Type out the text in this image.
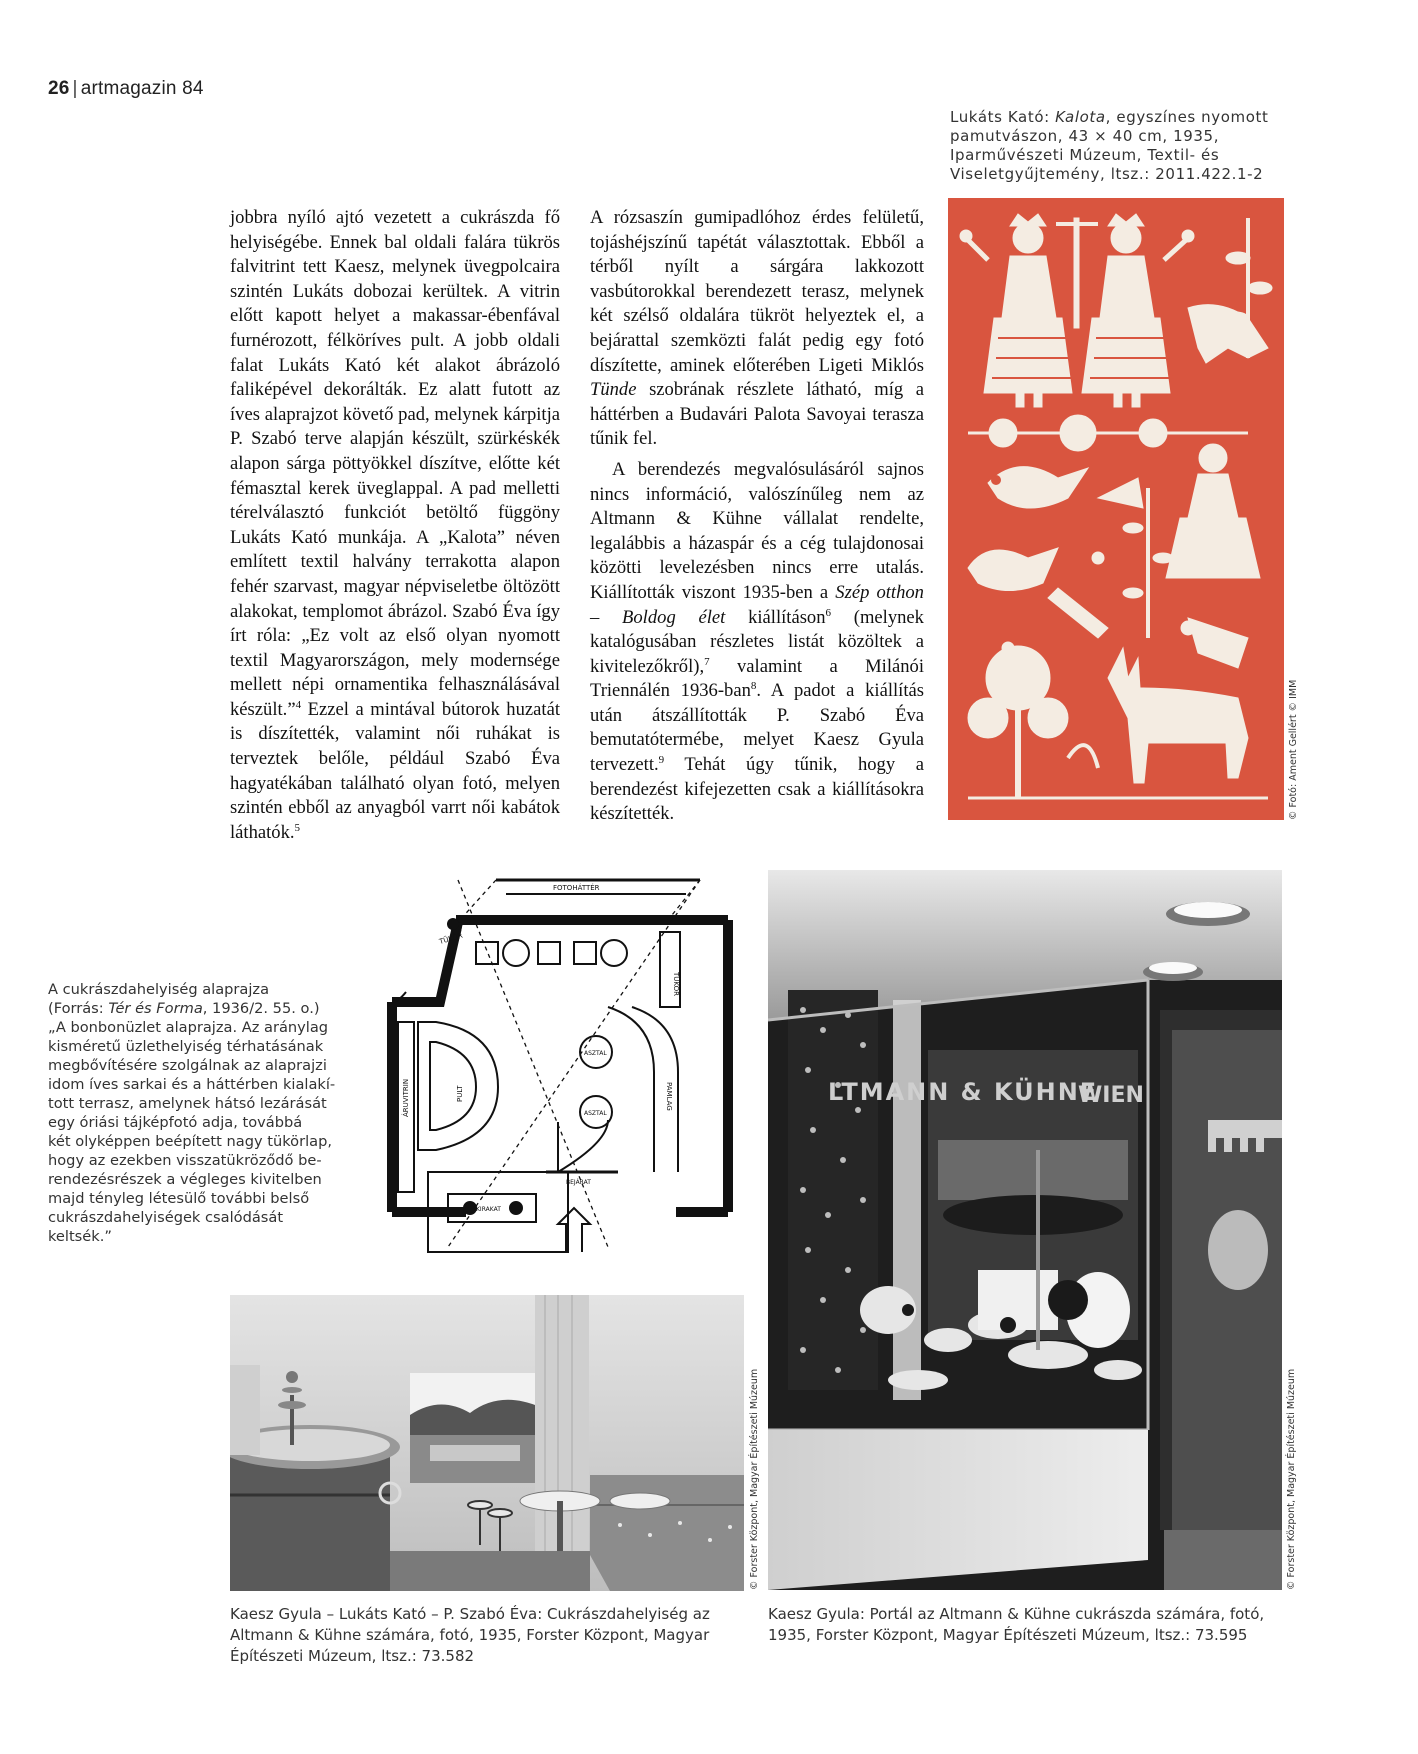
26 | artmagazin 84
Lukáts Kató: Kalota, egyszínes nyomott
pamutvászon, 43 × 40 cm, 1935,
Iparművészeti Múzeum, Textil- és
Viseletgyűjtemény, ltsz.: 2011.422.1-2

jobbra nyíló ajtó vezetett a cukrászda fő helyiségébe. Ennek bal oldali falára tükrös falvitrint tett Kaesz, melynek üvegpolcaira szintén Lukáts dobozai kerültek. A vitrin előtt kapott helyet a makassar-ébenfával furnérozott, félköríves pult. A jobb oldali falat Lukáts Kató két alakot ábrázoló faliképével dekorálták. Ez alatt futott az íves alaprajzot követő pad, melynek kárpitja P. Szabó terve alapján készült, szürkéskék alapon sárga pöttyökkel díszítve, előtte két fémasztal kerek üveglappal. A pad melletti térelválasztó funkciót betöltő függöny Lukáts Kató munkája. A „Kalota” néven említett textil halvány terrakotta alapon fehér szarvast, magyar népviseletbe öltözött alakokat, templomot ábrázol. Szabó Éva így írt róla: „Ez volt az első olyan nyomott textil Magyarországon, mely modernsége mellett népi ornamentika felhasználásával készült.”$^4$ Ezzel a mintával bútorok huzatát is díszítették, valamint női ruhákat is terveztek belőle, például Szabó Éva hagyatékában található olyan fotó, melyen szintén ebből az anyagból varrt női kabátok láthatók.$^5$

A rózsaszín gumipadlóhoz érdes felületű, tojáshéjszínű tapétát választottak. Ebből a térből nyílt a sárgára lakkozott vasbútorokkal berendezett terasz, melynek két szélső oldalára tükröt helyeztek el, a bejárattal szemközti falát pedig egy fotó díszítette, aminek előterében Ligeti Miklós Tünde szobrának részlete látható, míg a háttérben a Budavári Palota Savoyai terasza tűnik fel.

A berendezés megvalósulásáról sajnos nincs információ, valószínűleg nem az Altmann & Kühne vállalat rendelte, legalábbis a házaspár és a cég tulajdonosai közötti levelezésben nincs erre utalás. Kiállították viszont 1935-ben a Szép otthon – Boldog élet kiállításon$^6$ (melynek katalógusában részletes listát közöltek a kivitelezőkről),$^7$ valamint a Milánói Triennálén 1936-ban$^8$. A padot a kiállítás után átszállították P. Szabó Éva bemutatótermébe, melyet Kaesz Gyula tervezett.$^9$ Tehát úgy tűnik, hogy a berendezést kifejezetten csak a kiállításokra készítették.	© Fotó: Ament Gellért © IMM
A cukrászdahelyiség alaprajza
(Forrás: Tér és Forma, 1936/2. 55. o.)
„A bonbonüzlet alaprajza. Az aránylag
kisméretű üzlethelyiség térhatásának
megbővítésére szolgálnak az alaprajzi
idom íves sarkai és a háttérben kialakí-
tott terrasz, amelynek hátsó lezárását
egy óriási tájképfotó adja, továbbá
két olyképpen beépített nagy tükörlap,
hogy az ezekben visszatükröződő be-
rendezésrészek a végleges kivitelben
majd tényleg létesülő további belső
cukrászdahelyiségek csalódását keltsék.”
FOTOHÁTTÉR
TÜKÖR
TÜKÖR
ÁRUVITRIN	PULT
ASZTAL
ASZTAL
PAMLAG
KIRAKAT
BEJÁRAT
LTMANN & KÜHNE
WIEN
© Forster Központ, Magyar Építészeti Múzeum
© Forster Központ, Magyar Építészeti Múzeum
Kaesz Gyula – Lukáts Kató – P. Szabó Éva: Cukrászdahelyiség az
Altmann & Kühne számára, fotó, 1935, Forster Központ, Magyar
Építészeti Múzeum, ltsz.: 73.582
Kaesz Gyula: Portál az Altmann & Kühne cukrászda számára, fotó,
1935, Forster Központ, Magyar Építészeti Múzeum, ltsz.: 73.595
